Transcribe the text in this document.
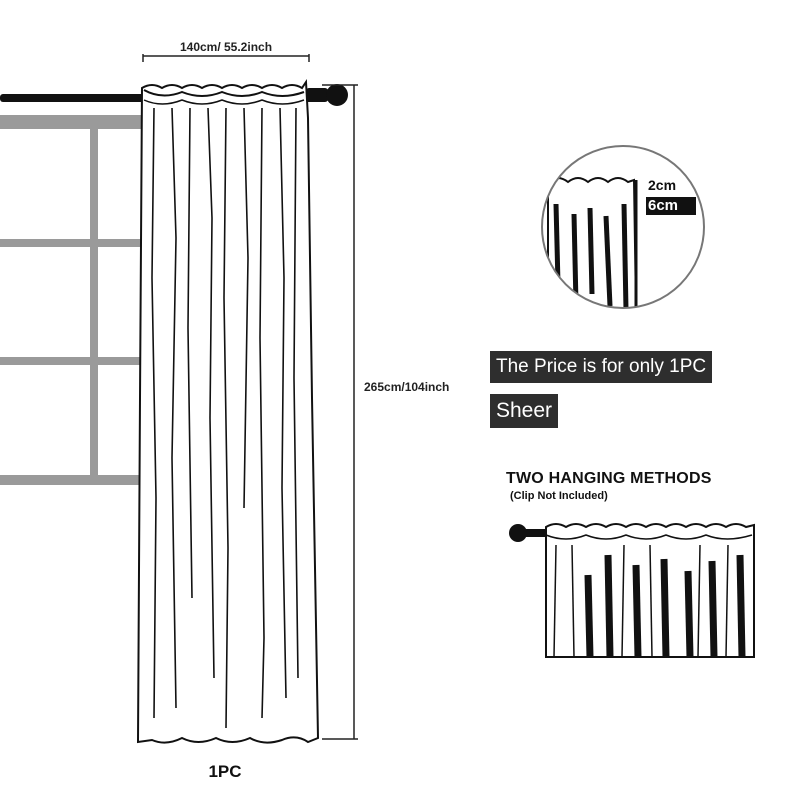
140cm/ 55.2inch
265cm/104inch
1PC
2cm
6cm
The Price is for only 1PC
Sheer
TWO HANGING METHODS
(Clip Not Included)
